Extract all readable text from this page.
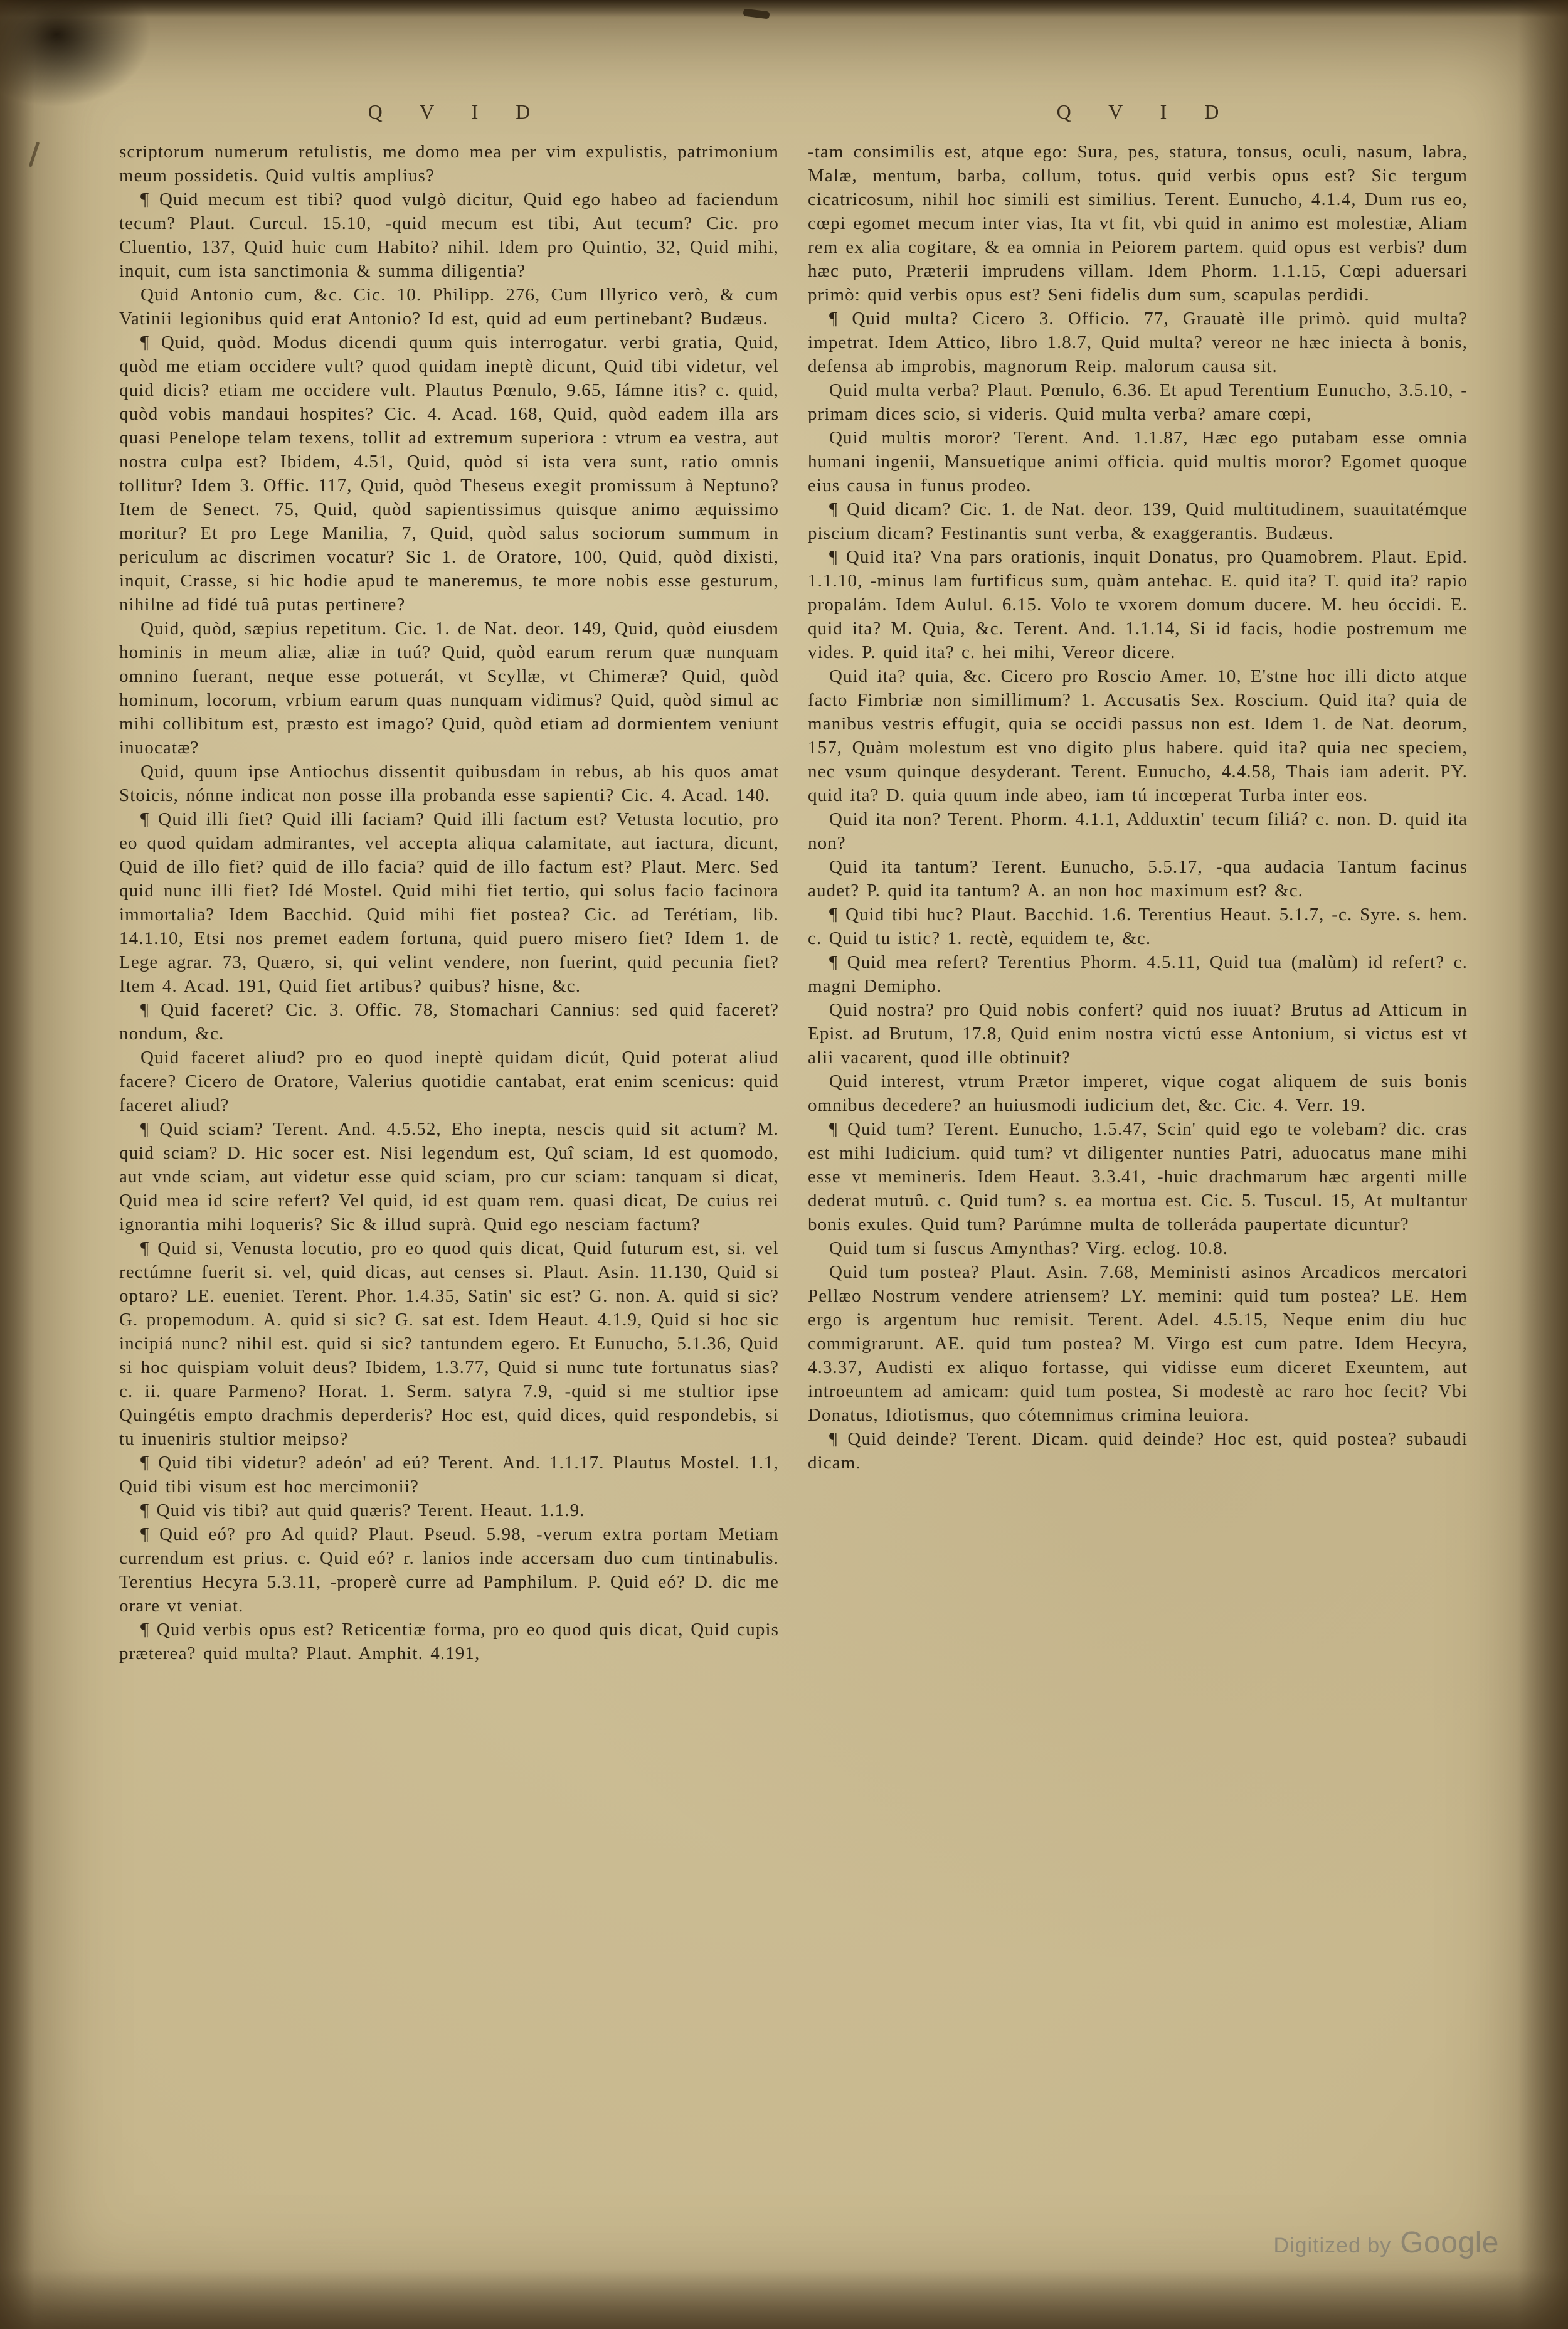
Q V I D

scriptorum numerum retulistis, me domo mea per vim expulistis, patrimonium meum possidetis. Quid vultis amplius?

¶ Quid mecum est tibi? quod vulgò dicitur, Quid ego habeo ad faciendum tecum? Plaut. Curcul. 15.10, -quid mecum est tibi, Aut tecum? Cic. pro Cluentio, 137, Quid huic cum Habito? nihil. Idem pro Quintio, 32, Quid mihi, inquit, cum ista sanctimonia & summa diligentia?

Quid Antonio cum, &c. Cic. 10. Philipp. 276, Cum Illyrico verò, & cum Vatinii legionibus quid erat Antonio? Id est, quid ad eum pertinebant? Budæus.

¶ Quid, quòd. Modus dicendi quum quis interrogatur. verbi gratia, Quid, quòd me etiam occidere vult? quod quidam ineptè dicunt, Quid tibi videtur, vel quid dicis? etiam me occidere vult. Plautus Pœnulo, 9.65, Iámne itis? c. quid, quòd vobis mandaui hospites? Cic. 4. Acad. 168, Quid, quòd eadem illa ars quasi Penelope telam texens, tollit ad extremum superiora : vtrum ea vestra, aut nostra culpa est? Ibidem, 4.51, Quid, quòd si ista vera sunt, ratio omnis tollitur? Idem 3. Offic. 117, Quid, quòd Theseus exegit promissum à Neptuno? Item de Senect. 75, Quid, quòd sapientissimus quisque animo æquissimo moritur? Et pro Lege Manilia, 7, Quid, quòd salus sociorum summum in periculum ac discrimen vocatur? Sic 1. de Oratore, 100, Quid, quòd dixisti, inquit, Crasse, si hic hodie apud te maneremus, te more nobis esse gesturum, nihilne ad fidé tuâ putas pertinere?

Quid, quòd, sæpius repetitum. Cic. 1. de Nat. deor. 149, Quid, quòd eiusdem hominis in meum aliæ, aliæ in tuú? Quid, quòd earum rerum quæ nunquam omnino fuerant, neque esse potuerát, vt Scyllæ, vt Chimeræ? Quid, quòd hominum, locorum, vrbium earum quas nunquam vidimus? Quid, quòd simul ac mihi collibitum est, præsto est imago? Quid, quòd etiam ad dormientem veniunt inuocatæ?

Quid, quum ipse Antiochus dissentit quibusdam in rebus, ab his quos amat Stoicis, nónne indicat non posse illa probanda esse sapienti? Cic. 4. Acad. 140.

¶ Quid illi fiet? Quid illi faciam? Quid illi factum est? Vetusta locutio, pro eo quod quidam admirantes, vel accepta aliqua calamitate, aut iactura, dicunt, Quid de illo fiet? quid de illo facia? quid de illo factum est? Plaut. Merc. Sed quid nunc illi fiet? Idé Mostel. Quid mihi fiet tertio, qui solus facio facinora immortalia? Idem Bacchid. Quid mihi fiet postea? Cic. ad Terétiam, lib. 14.1.10, Etsi nos premet eadem fortuna, quid puero misero fiet? Idem 1. de Lege agrar. 73, Quæro, si, qui velint vendere, non fuerint, quid pecunia fiet? Item 4. Acad. 191, Quid fiet artibus? quibus? hisne, &c.

¶ Quid faceret? Cic. 3. Offic. 78, Stomachari Cannius: sed quid faceret? nondum, &c.

Quid faceret aliud? pro eo quod ineptè quidam dicút, Quid poterat aliud facere? Cicero de Oratore, Valerius quotidie cantabat, erat enim scenicus: quid faceret aliud?

¶ Quid sciam? Terent. And. 4.5.52, Eho inepta, nescis quid sit actum? M. quid sciam? D. Hic socer est. Nisi legendum est, Quî sciam, Id est quomodo, aut vnde sciam, aut videtur esse quid sciam, pro cur sciam: tanquam si dicat, Quid mea id scire refert? Vel quid, id est quam rem. quasi dicat, De cuius rei ignorantia mihi loqueris? Sic & illud suprà. Quid ego nesciam factum?

¶ Quid si, Venusta locutio, pro eo quod quis dicat, Quid futurum est, si. vel rectúmne fuerit si. vel, quid dicas, aut censes si. Plaut. Asin. 11.130, Quid si optaro? LE. eueniet. Terent. Phor. 1.4.35, Satin' sic est? G. non. A. quid si sic? G. propemodum. A. quid si sic? G. sat est. Idem Heaut. 4.1.9, Quid si hoc sic incipiá nunc? nihil est. quid si sic? tantundem egero. Et Eunucho, 5.1.36, Quid si hoc quispiam voluit deus? Ibidem, 1.3.77, Quid si nunc tute fortunatus sias? c. ii. quare Parmeno? Horat. 1. Serm. satyra 7.9, -quid si me stultior ipse Quingétis empto drachmis deperderis? Hoc est, quid dices, quid respondebis, si tu inueniris stultior meipso?

¶ Quid tibi videtur? adeón' ad eú? Terent. And. 1.1.17. Plautus Mostel. 1.1, Quid tibi visum est hoc mercimonii?

¶ Quid vis tibi? aut quid quæris? Terent. Heaut. 1.1.9.

¶ Quid eó? pro Ad quid? Plaut. Pseud. 5.98, -verum extra portam Metiam currendum est prius. c. Quid eó? r. lanios inde accersam duo cum tintinabulis. Terentius Hecyra 5.3.11, -properè curre ad Pamphilum. P. Quid eó? D. dic me orare vt veniat.

¶ Quid verbis opus est? Reticentiæ forma, pro eo quod quis dicat, Quid cupis præterea? quid multa? Plaut. Amphit. 4.191,

Q V I D

-tam consimilis est, atque ego: Sura, pes, statura, tonsus, oculi, nasum, labra, Malæ, mentum, barba, collum, totus. quid verbis opus est? Sic tergum cicatricosum, nihil hoc simili est similius. Terent. Eunucho, 4.1.4, Dum rus eo, cœpi egomet mecum inter vias, Ita vt fit, vbi quid in animo est molestiæ, Aliam rem ex alia cogitare, & ea omnia in Peiorem partem. quid opus est verbis? dum hæc puto, Præterii imprudens villam. Idem Phorm. 1.1.15, Cœpi aduersari primò: quid verbis opus est? Seni fidelis dum sum, scapulas perdidi.

¶ Quid multa? Cicero 3. Officio. 77, Grauatè ille primò. quid multa? impetrat. Idem Attico, libro 1.8.7, Quid multa? vereor ne hæc iniecta à bonis, defensa ab improbis, magnorum Reip. malorum causa sit.

Quid multa verba? Plaut. Pœnulo, 6.36. Et apud Terentium Eunucho, 3.5.10, -primam dices scio, si videris. Quid multa verba? amare cœpi,

Quid multis moror? Terent. And. 1.1.87, Hæc ego putabam esse omnia humani ingenii, Mansuetique animi officia. quid multis moror? Egomet quoque eius causa in funus prodeo.

¶ Quid dicam? Cic. 1. de Nat. deor. 139, Quid multitudinem, suauitatémque piscium dicam? Festinantis sunt verba, & exaggerantis. Budæus.

¶ Quid ita? Vna pars orationis, inquit Donatus, pro Quamobrem. Plaut. Epid. 1.1.10, -minus Iam furtificus sum, quàm antehac. E. quid ita? T. quid ita? rapio propalám. Idem Aulul. 6.15. Volo te vxorem domum ducere. M. heu óccidi. E. quid ita? M. Quia, &c. Terent. And. 1.1.14, Si id facis, hodie postremum me vides. P. quid ita? c. hei mihi, Vereor dicere.

Quid ita? quia, &c. Cicero pro Roscio Amer. 10, E'stne hoc illi dicto atque facto Fimbriæ non simillimum? 1. Accusatis Sex. Roscium. Quid ita? quia de manibus vestris effugit, quia se occidi passus non est. Idem 1. de Nat. deorum, 157, Quàm molestum est vno digito plus habere. quid ita? quia nec speciem, nec vsum quinque desyderant. Terent. Eunucho, 4.4.58, Thais iam aderit. PY. quid ita? D. quia quum inde abeo, iam tú incœperat Turba inter eos.

Quid ita non? Terent. Phorm. 4.1.1, Adduxtin' tecum filiá? c. non. D. quid ita non?

Quid ita tantum? Terent. Eunucho, 5.5.17, -qua audacia Tantum facinus audet? P. quid ita tantum? A. an non hoc maximum est? &c.

¶ Quid tibi huc? Plaut. Bacchid. 1.6. Terentius Heaut. 5.1.7, -c. Syre. s. hem. c. Quid tu istic? 1. rectè, equidem te, &c.

¶ Quid mea refert? Terentius Phorm. 4.5.11, Quid tua (malùm) id refert? c. magni Demipho.

Quid nostra? pro Quid nobis confert? quid nos iuuat? Brutus ad Atticum in Epist. ad Brutum, 17.8, Quid enim nostra victú esse Antonium, si victus est vt alii vacarent, quod ille obtinuit?

Quid interest, vtrum Prætor imperet, vique cogat aliquem de suis bonis omnibus decedere? an huiusmodi iudicium det, &c. Cic. 4. Verr. 19.

¶ Quid tum? Terent. Eunucho, 1.5.47, Scin' quid ego te volebam? dic. cras est mihi Iudicium. quid tum? vt diligenter nunties Patri, aduocatus mane mihi esse vt memineris. Idem Heaut. 3.3.41, -huic drachmarum hæc argenti mille dederat mutuû. c. Quid tum? s. ea mortua est. Cic. 5. Tuscul. 15, At multantur bonis exules. Quid tum? Parúmne multa de tolleráda paupertate dicuntur?

Quid tum si fuscus Amynthas? Virg. eclog. 10.8.

Quid tum postea? Plaut. Asin. 7.68, Meministi asinos Arcadicos mercatori Pellæo Nostrum vendere atriensem? LY. memini: quid tum postea? LE. Hem ergo is argentum huc remisit. Terent. Adel. 4.5.15, Neque enim diu huc commigrarunt. AE. quid tum postea? M. Virgo est cum patre. Idem Hecyra, 4.3.37, Audisti ex aliquo fortasse, qui vidisse eum diceret Exeuntem, aut introeuntem ad amicam: quid tum postea, Si modestè ac raro hoc fecit? Vbi Donatus, Idiotismus, quo cótemnimus crimina leuiora.

¶ Quid deinde? Terent. Dicam. quid deinde? Hoc est, quid postea? subaudi dicam.

Digitized by Google
